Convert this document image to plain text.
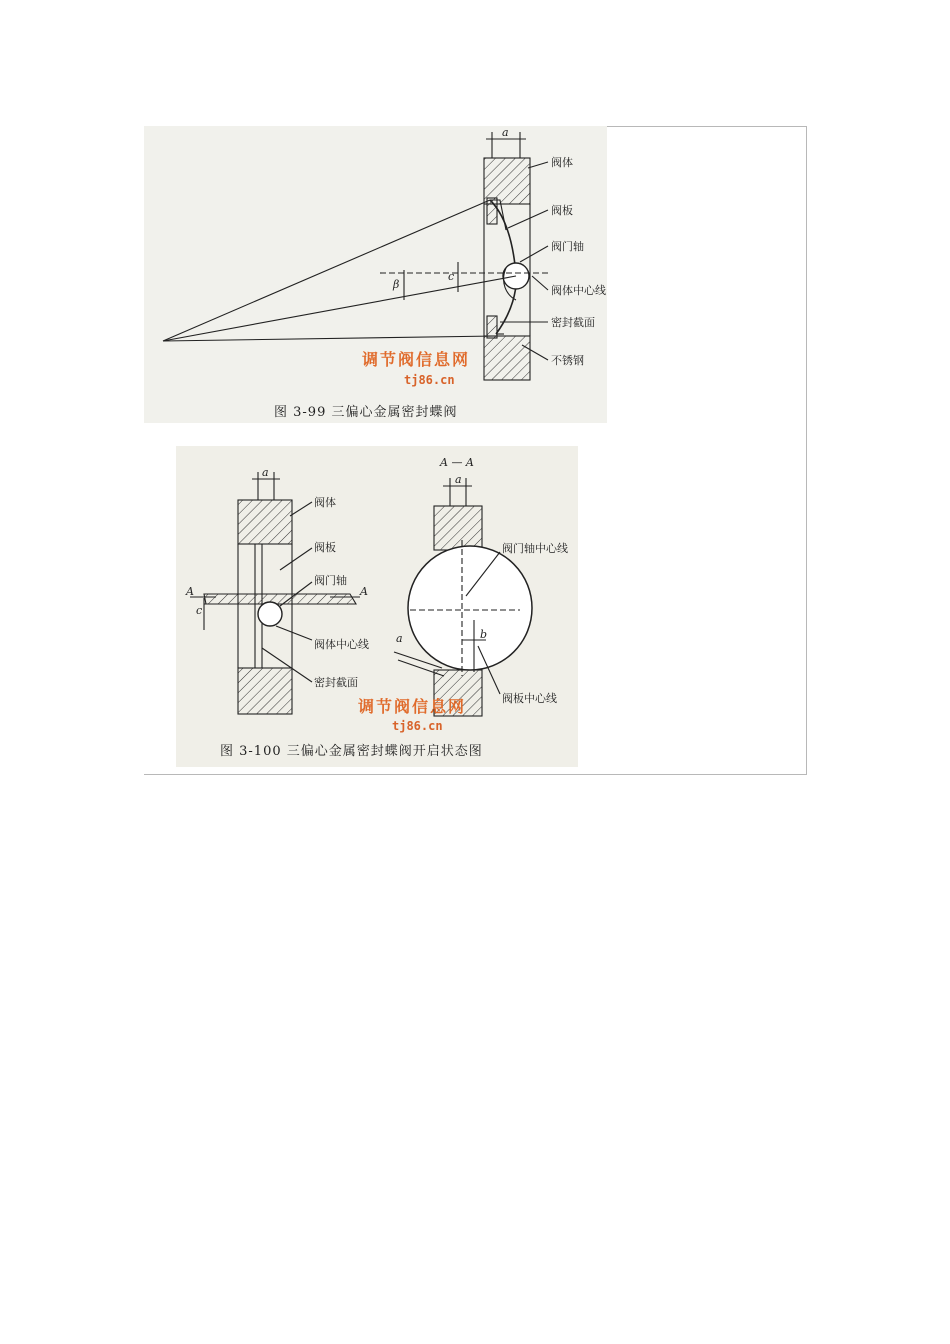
a
阀体
阀板
阀门轴
阀体中心线
密封截面
不锈钢
β
c
调节阀信息网
tj86.cn
图 3-99 三偏心金属密封蝶阀
a
阀体
阀板
阀门轴
阀体中心线
密封截面
A	A
c
A — A
a
阀门轴中心线
阀板中心线
b
a
调节阀信息网
tj86.cn
图 3-100 三偏心金属密封蝶阀开启状态图
